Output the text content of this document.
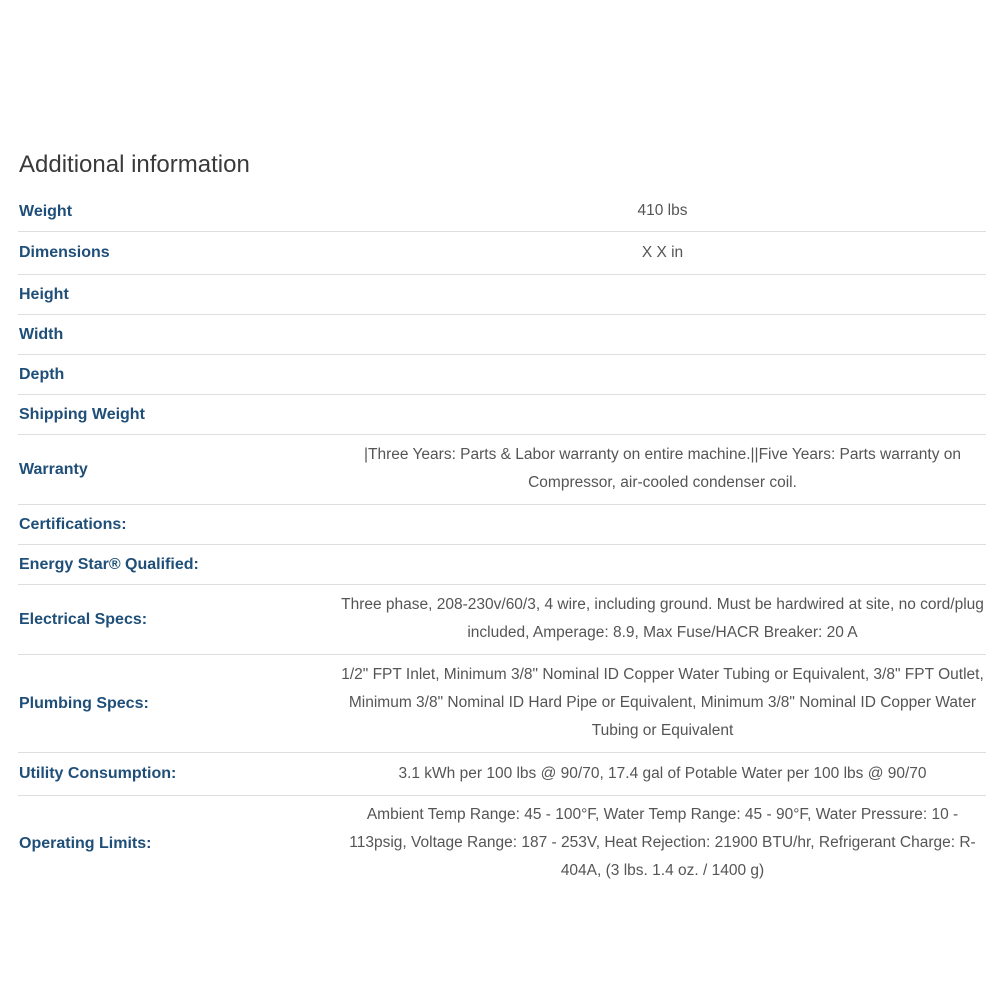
Additional information
Weight	410 lbs
Dimensions	X X in
Height	
Width	
Depth	
Shipping Weight	
Warranty	|Three Years: Parts & Labor warranty on entire machine.||Five Years: Parts warranty on Compressor, air-cooled condenser coil.
Certifications:	
Energy Star® Qualified:	
Electrical Specs:	Three phase, 208-230v/60/3, 4 wire, including ground. Must be hardwired at site, no cord/plug included, Amperage: 8.9, Max Fuse/HACR Breaker: 20 A
Plumbing Specs:	1/2" FPT Inlet, Minimum 3/8" Nominal ID Copper Water Tubing or Equivalent, 3/8" FPT Outlet, Minimum 3/8" Nominal ID Hard Pipe or Equivalent, Minimum 3/8" Nominal ID Copper Water Tubing or Equivalent
Utility Consumption:	3.1 kWh per 100 lbs @ 90/70, 17.4 gal of Potable Water per 100 lbs @ 90/70
Operating Limits:	Ambient Temp Range: 45 - 100°F, Water Temp Range: 45 - 90°F, Water Pressure: 10 - 113psig, Voltage Range: 187 - 253V, Heat Rejection: 21900 BTU/hr, Refrigerant Charge: R-404A, (3 lbs. 1.4 oz. / 1400 g)
